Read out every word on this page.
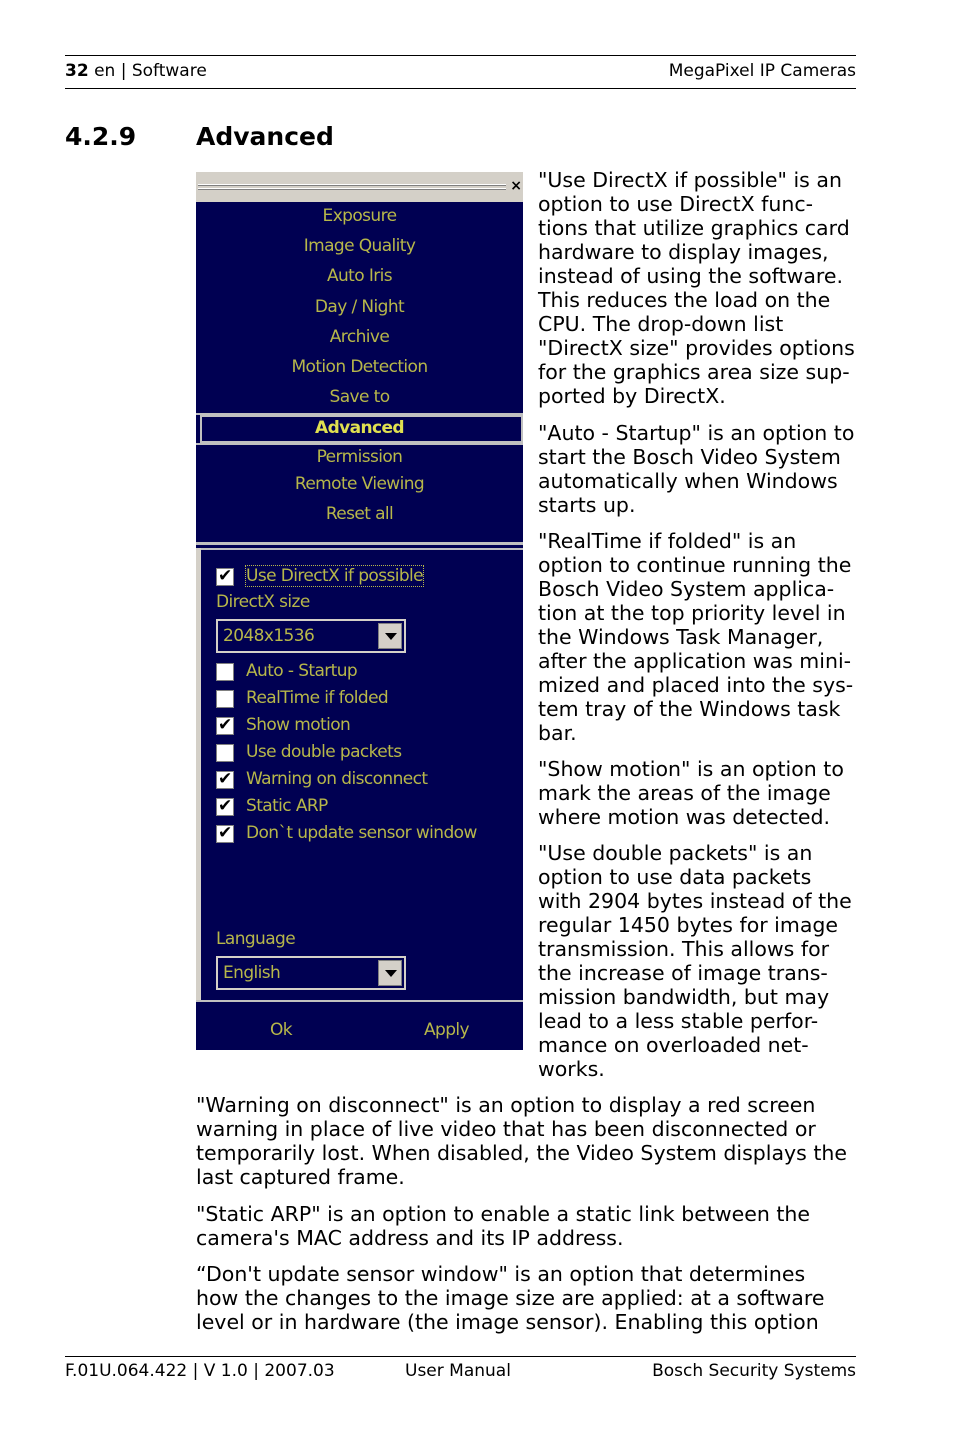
32 en | Software	MegaPixel IP Cameras
4.2.9 Advanced
×
Exposure
Image Quality
Auto Iris
Day / Night
Archive
Motion Detection
Save to
Advanced
Permission
Remote Viewing
Reset all
✔ Use DirectX if possible
DirectX size
2048x1536
Auto - Startup
RealTime if folded
✔ Show motion
Use double packets
✔ Warning on disconnect
✔ Static ARP
✔ Don`t update sensor window
Language
English
Ok	Apply
"Use DirectX if possible" is an
option to use DirectX func-
tions that utilize graphics card
hardware to display images,
instead of using the software.
This reduces the load on the
CPU. The drop-down list
"DirectX size" provides options
for the graphics area size sup-
ported by DirectX.
"Auto - Startup" is an option to
start the Bosch Video System
automatically when Windows
starts up.
"RealTime if folded" is an
option to continue running the
Bosch Video System applica-
tion at the top priority level in
the Windows Task Manager,
after the application was mini-
mized and placed into the sys-
tem tray of the Windows task
bar.
"Show motion" is an option to
mark the areas of the image
where motion was detected.
"Use double packets" is an
option to use data packets
with 2904 bytes instead of the
regular 1450 bytes for image
transmission. This allows for
the increase of image trans-
mission bandwidth, but may
lead to a less stable perfor-
mance on overloaded net-
works.
"Warning on disconnect" is an option to display a red screen
warning in place of live video that has been disconnected or
temporarily lost. When disabled, the Video System displays the
last captured frame.
"Static ARP" is an option to enable a static link between the
camera's MAC address and its IP address.
“Don't update sensor window" is an option that determines
how the changes to the image size are applied: at a software
level or in hardware (the image sensor). Enabling this option
F.01U.064.422 | V 1.0 | 2007.03	User Manual	Bosch Security Systems
